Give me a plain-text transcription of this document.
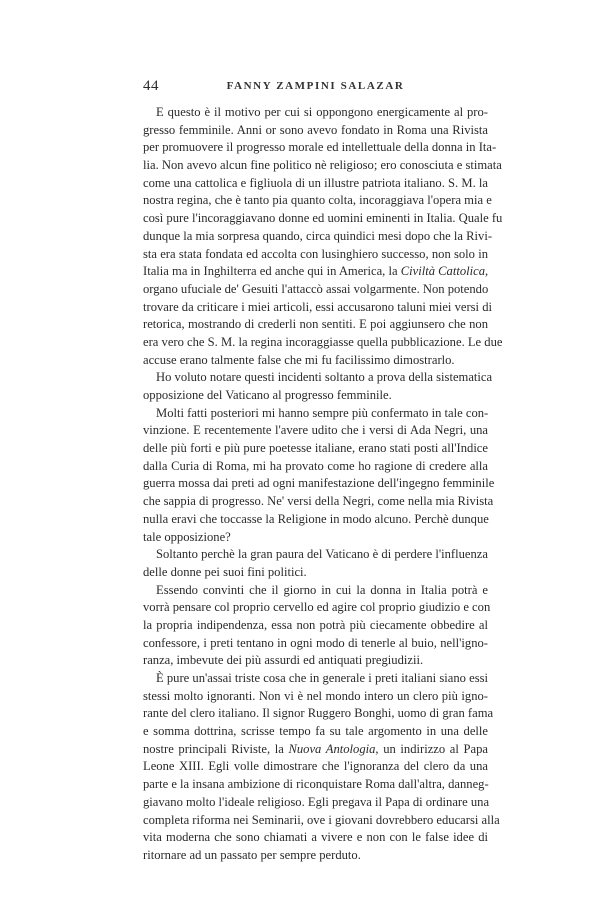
44	FANNY ZAMPINI SALAZAR
E questo è il motivo per cui si oppongono energicamente al pro-
gresso femminile. Anni or sono avevo fondato in Roma una Rivista
per promuovere il progresso morale ed intellettuale della donna in Ita-
lia. Non avevo alcun fine politico nè religioso; ero conosciuta e stimata
come una cattolica e figliuola di un illustre patriota italiano. S. M. la
nostra regina, che è tanto pia quanto colta, incoraggiava l'opera mia e
così pure l'incoraggiavano donne ed uomini eminenti in Italia. Quale fu
dunque la mia sorpresa quando, circa quindici mesi dopo che la Rivi-
sta era stata fondata ed accolta con lusinghiero successo, non solo in
Italia ma in Inghilterra ed anche qui in America, la Civiltà Cattolica,
organo ufuciale de' Gesuiti l'attaccò assai volgarmente. Non potendo
trovare da criticare i miei articoli, essi accusarono taluni miei versi di
retorica, mostrando di crederli non sentiti. E poi aggiunsero che non
era vero che S. M. la regina incoraggiasse quella pubblicazione. Le due
accuse erano talmente false che mi fu facilissimo dimostrarlo.
Ho voluto notare questi incidenti soltanto a prova della sistematica
opposizione del Vaticano al progresso femminile.
Molti fatti posteriori mi hanno sempre più confermato in tale con-
vinzione. E recentemente l'avere udito che i versi di Ada Negri, una
delle più forti e più pure poetesse italiane, erano stati posti all'Indice
dalla Curia di Roma, mi ha provato come ho ragione di credere alla
guerra mossa dai preti ad ogni manifestazione dell'ingegno femminile
che sappia di progresso. Ne' versi della Negri, come nella mia Rivista
nulla eravi che toccasse la Religione in modo alcuno. Perchè dunque
tale opposizione?
Soltanto perchè la gran paura del Vaticano è di perdere l'influenza
delle donne pei suoi fini politici.
Essendo convinti che il giorno in cui la donna in Italia potrà e
vorrà pensare col proprio cervello ed agire col proprio giudizio e con
la propria indipendenza, essa non potrà più ciecamente obbedire al
confessore, i preti tentano in ogni modo di tenerle al buio, nell'igno-
ranza, imbevute dei più assurdi ed antiquati pregiudizii.
È pure un'assai triste cosa che in generale i preti italiani siano essi
stessi molto ignoranti. Non vi è nel mondo intero un clero più igno-
rante del clero italiano. Il signor Ruggero Bonghi, uomo di gran fama
e somma dottrina, scrisse tempo fa su tale argomento in una delle
nostre principali Riviste, la Nuova Antologia, un indirizzo al Papa
Leone XIII. Egli volle dimostrare che l'ignoranza del clero da una
parte e la insana ambizione di riconquistare Roma dall'altra, danneg-
giavano molto l'ideale religioso. Egli pregava il Papa di ordinare una
completa riforma nei Seminarii, ove i giovani dovrebbero educarsi alla
vita moderna che sono chiamati a vivere e non con le false idee di
ritornare ad un passato per sempre perduto.
